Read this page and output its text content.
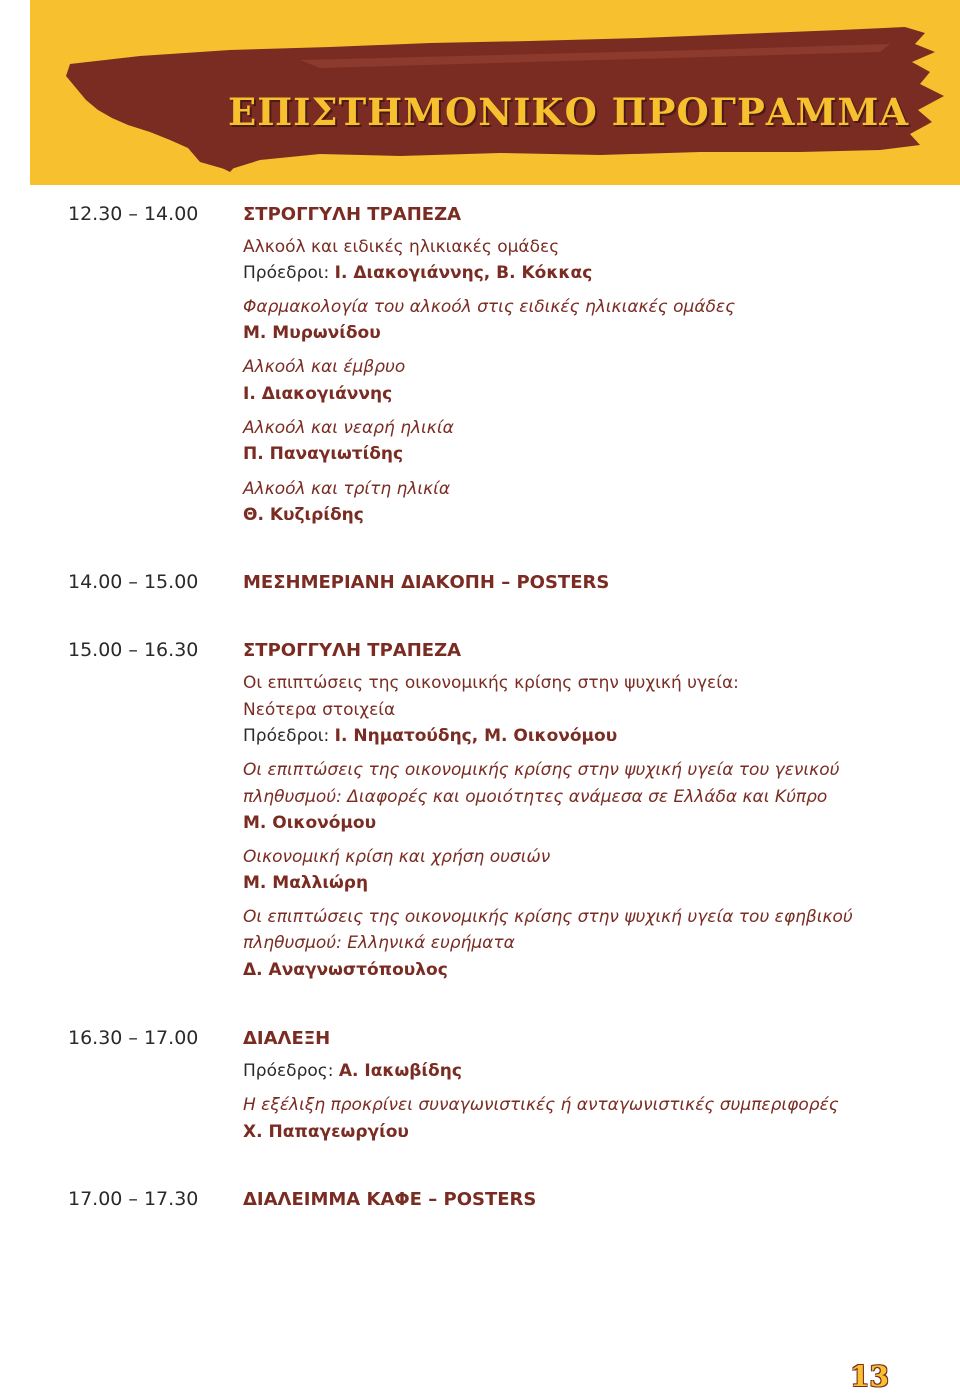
ΕΠΙΣΤΗΜΟΝΙΚΟ ΠΡΟΓΡΑΜΜΑ
12.30 – 14.00 ΣΤΡΟΓΓΥΛΗ ΤΡΑΠΕΖΑ
Αλκοόλ και ειδικές ηλικιακές ομάδες
Πρόεδροι: Ι. Διακογιάννης, Β. Κόκκας
Φαρμακολογία του αλκοόλ στις ειδικές ηλικιακές ομάδες
Μ. Μυρωνίδου
Αλκοόλ και έμβρυο
Ι. Διακογιάννης
Αλκοόλ και νεαρή ηλικία
Π. Παναγιωτίδης
Αλκοόλ και τρίτη ηλικία
Θ. Κυζιρίδης
14.00 – 15.00 ΜΕΣΗΜΕΡΙΑΝΗ ΔΙΑΚΟΠΗ – POSTERS
15.00 – 16.30 ΣΤΡΟΓΓΥΛΗ ΤΡΑΠΕΖΑ
Οι επιπτώσεις της οικονομικής κρίσης στην ψυχική υγεία:
Νεότερα στοιχεία
Πρόεδροι: Ι. Νηματούδης, Μ. Οικονόμου
Οι επιπτώσεις της οικονομικής κρίσης στην ψυχική υγεία του γενικού
πληθυσμού: Διαφορές και ομοιότητες ανάμεσα σε Ελλάδα και Κύπρο
Μ. Οικονόμου
Οικονομική κρίση και χρήση ουσιών
Μ. Μαλλιώρη
Οι επιπτώσεις της οικονομικής κρίσης στην ψυχική υγεία του εφηβικού
πληθυσμού: Ελληνικά ευρήματα
Δ. Αναγνωστόπουλος
16.30 – 17.00 ΔΙΑΛΕΞΗ
Πρόεδρος: Α. Ιακωβίδης
Η εξέλιξη προκρίνει συναγωνιστικές ή ανταγωνιστικές συμπεριφορές
Χ. Παπαγεωργίου
17.00 – 17.30 ΔΙΑΛΕΙΜΜΑ ΚΑΦΕ – POSTERS
13
